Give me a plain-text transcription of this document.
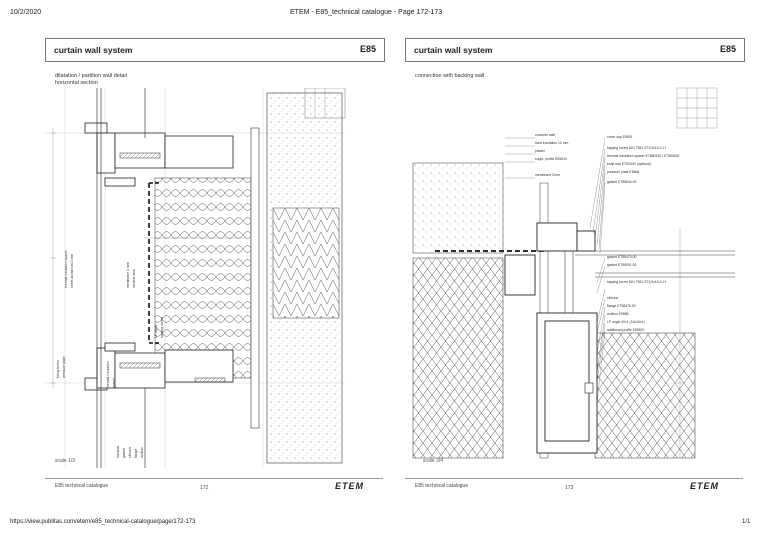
10/2/2020	ETEM - E85_technical catalogue - Page 172-173
https://view.publitas.com/etem/e85_technical-catalogue/page/172-173	1/1
curtain wall system	E85
dilatation / partition wall detail
horizontal section
thermal insulation spacer sheet aluminium 2 mm	membrane 2 mm mineral wool
fixing screw pressure plate	thermal insulation gasket
LP angle tapping screw
transom gasket silicone flange mullion
scale 1/3
E85 technical catalogue	172	ETEM
curtain wall system	E85
connection with backing wall
concrete wall
hard insulation 10 mm
plaster
suppl. profile E85610
membrane 2mm
cover cap E8591
tapping screw DIN 7981 ST3,9x13-C-H
thermal insulation spacer E7880519 / E7880630
butyl mat ETS0300 (optional)
pressure plate E8566
gasket ET58644.00
gasket ET58474.00
gasket ET58901.00
tapping screw DIN 7981 ST3,9x19-C-H
silicone
flange ET58476.00
mullion E8586
LP angle 40x1 (15x15x1)
additional profile E85620
scale 3/4
E85 technical catalogue	173	ETEM
